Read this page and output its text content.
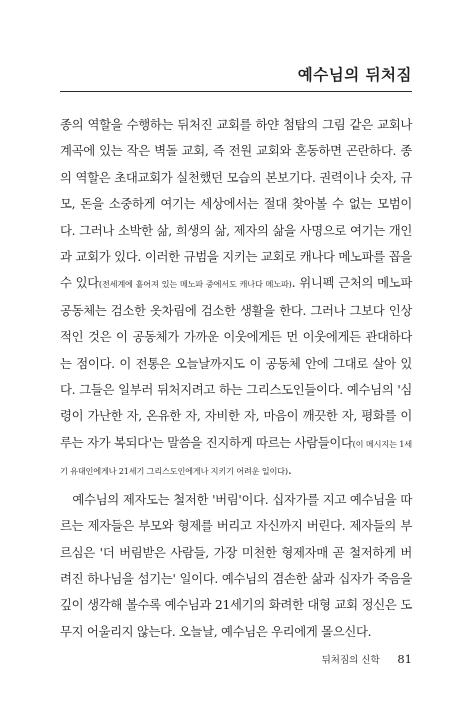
예수님의 뒤처짐

종의 역할을 수행하는 뒤처진 교회를 하얀 첨탑의 그림 같은 교회나 계곡에 있는 작은 벽돌 교회, 즉 전원 교회와 혼동하면 곤란하다. 종의 역할은 초대교회가 실천했던 모습의 본보기다. 권력이나 숫자, 규모, 돈을 소중하게 여기는 세상에서는 절대 찾아볼 수 없는 모범이다. 그러나 소박한 삶, 희생의 삶, 제자의 삶을 사명으로 여기는 개인과 교회가 있다. 이러한 규범을 지키는 교회로 캐나다 메노파를 꼽을 수 있다(전세계에 흩어져 있는 메노파 중에서도 캐나다 메노파). 위니펙 근처의 메노파 공동체는 검소한 옷차림에 검소한 생활을 한다. 그러나 그보다 인상적인 것은 이 공동체가 가까운 이웃에게든 먼 이웃에게든 관대하다는 점이다. 이 전통은 오늘날까지도 이 공동체 안에 그대로 살아 있다. 그들은 일부러 뒤처지려고 하는 그리스도인들이다. 예수님의 '심령이 가난한 자, 온유한 자, 자비한 자, 마음이 깨끗한 자, 평화를 이루는 자가 복되다'는 말씀을 진지하게 따르는 사람들이다(이 메시지는 1세기 유대인에게나 21세기 그리스도인에게나 지키기 어려운 일이다).

예수님의 제자도는 철저한 '버림'이다. 십자가를 지고 예수님을 따르는 제자들은 부모와 형제를 버리고 자신까지 버린다. 제자들의 부르심은 '더 버림받은 사람들, 가장 미천한 형제자매 곧 철저하게 버려진 하나님을 섬기는' 일이다. 예수님의 겸손한 삶과 십자가 죽음을 깊이 생각해 볼수록 예수님과 21세기의 화려한 대형 교회 정신은 도무지 어울리지 않는다. 오늘날, 예수님은 우리에게 몰으신다.

뒤처짐의 신학 81
